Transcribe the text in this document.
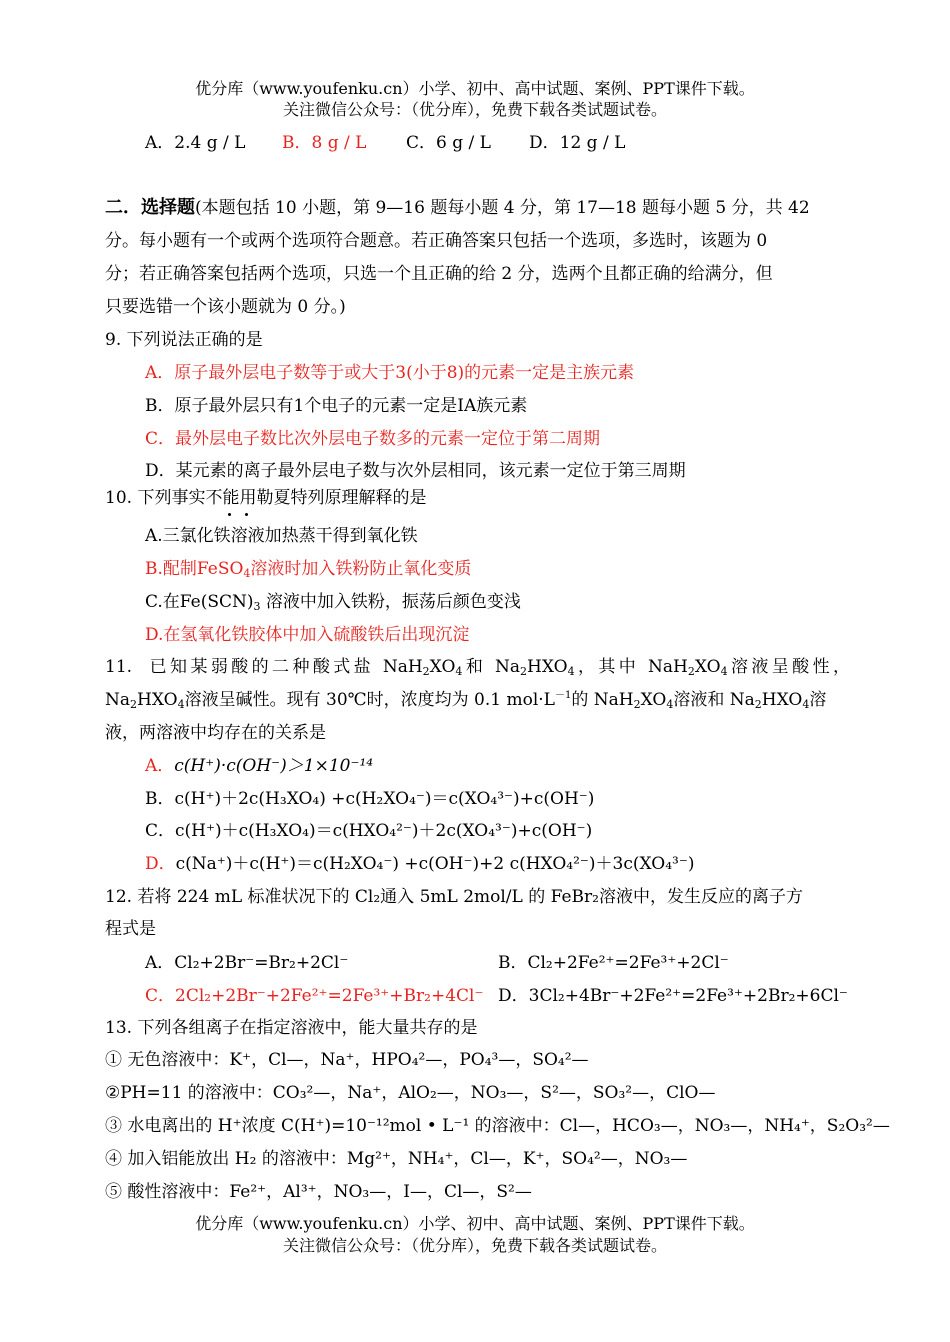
优分库（www.youfenku.cn）小学、初中、高中试题、案例、PPT课件下载。
关注微信公众号：（优分库），免费下载各类试题试卷。
A．2.4 g / L B．8 g / L C．6 g / L D．12 g / L
二．选择题(本题包括 10 小题，第 9—16 题每小题 4 分，第 17—18 题每小题 5 分，共 42
分。每小题有一个或两个选项符合题意。若正确答案只包括一个选项，多选时，该题为 0
分；若正确答案包括两个选项，只选一个且正确的给 2 分，选两个且都正确的给满分，但
只要选错一个该小题就为 0 分。)
9. 下列说法正确的是
A．原子最外层电子数等于或大于3(小于8)的元素一定是主族元素
B．原子最外层只有1个电子的元素一定是IA族元素
C．最外层电子数比次外层电子数多的元素一定位于第二周期
D．某元素的离子最外层电子数与次外层相同，该元素一定位于第三周期
10. 下列事实不能用勒夏特列原理解释的是
A.三氯化铁溶液加热蒸干得到氧化铁
B.配制FeSO$_4$溶液时加入铁粉防止氧化变质
C.在$Fe(SCN)_3$ 溶液中加入铁粉，振荡后颜色变浅
D.在氢氧化铁胶体中加入硫酸铁后出现沉淀
11. 已知某弱酸的二种酸式盐 $NaH_2XO_4$和 $Na_2HXO_4$，其中 $NaH_2XO_4$溶液呈酸性，
$Na_2HXO_4$溶液呈碱性。现有 30℃时，浓度均为 0.1 $mol\cdot L^{-1}$的 $NaH_2XO_4$溶液和 $Na_2HXO_4$溶
液，两溶液中均存在的关系是
A．c(H⁺)·c(OH⁻)＞1×10⁻¹⁴
B．c(H⁺)＋2c(H₃XO₄) +c(H₂XO₄⁻)＝c(XO₄³⁻)+c(OH⁻)
C．c(H⁺)＋c(H₃XO₄)＝c(HXO₄²⁻)＋2c(XO₄³⁻)+c(OH⁻)
D．c(Na⁺)＋c(H⁺)＝c(H₂XO₄⁻) +c(OH⁻)+2 c(HXO₄²⁻)＋3c(XO₄³⁻)
12. 若将 224 mL 标准状况下的 Cl₂通入 5mL 2mol/L 的 FeBr₂溶液中，发生反应的离子方
程式是
A．Cl₂+2Br⁻=Br₂+2Cl⁻	B．Cl₂+2Fe²⁺=2Fe³⁺+2Cl⁻
C．2Cl₂+2Br⁻+2Fe²⁺=2Fe³⁺+Br₂+4Cl⁻ D．3Cl₂+4Br⁻+2Fe²⁺=2Fe³⁺+2Br₂+6Cl⁻
13. 下列各组离子在指定溶液中，能大量共存的是
① 无色溶液中：K⁺，Cl—，Na⁺，HPO₄²—，PO₄³—，SO₄²—
②PH=11 的溶液中：CO₃²—，Na⁺，AlO₂—，NO₃—，S²—，SO₃²—，ClO—
③ 水电离出的 H⁺浓度 C(H⁺)=10⁻¹²mol • L⁻¹ 的溶液中：Cl—，HCO₃—，NO₃—，NH₄⁺，S₂O₃²—
④ 加入铝能放出 H₂ 的溶液中：Mg²⁺，NH₄⁺，Cl—，K⁺，SO₄²—，NO₃—
⑤ 酸性溶液中：Fe²⁺，Al³⁺，NO₃—，I—，Cl—，S²—
优分库（www.youfenku.cn）小学、初中、高中试题、案例、PPT课件下载。
关注微信公众号：（优分库），免费下载各类试题试卷。
